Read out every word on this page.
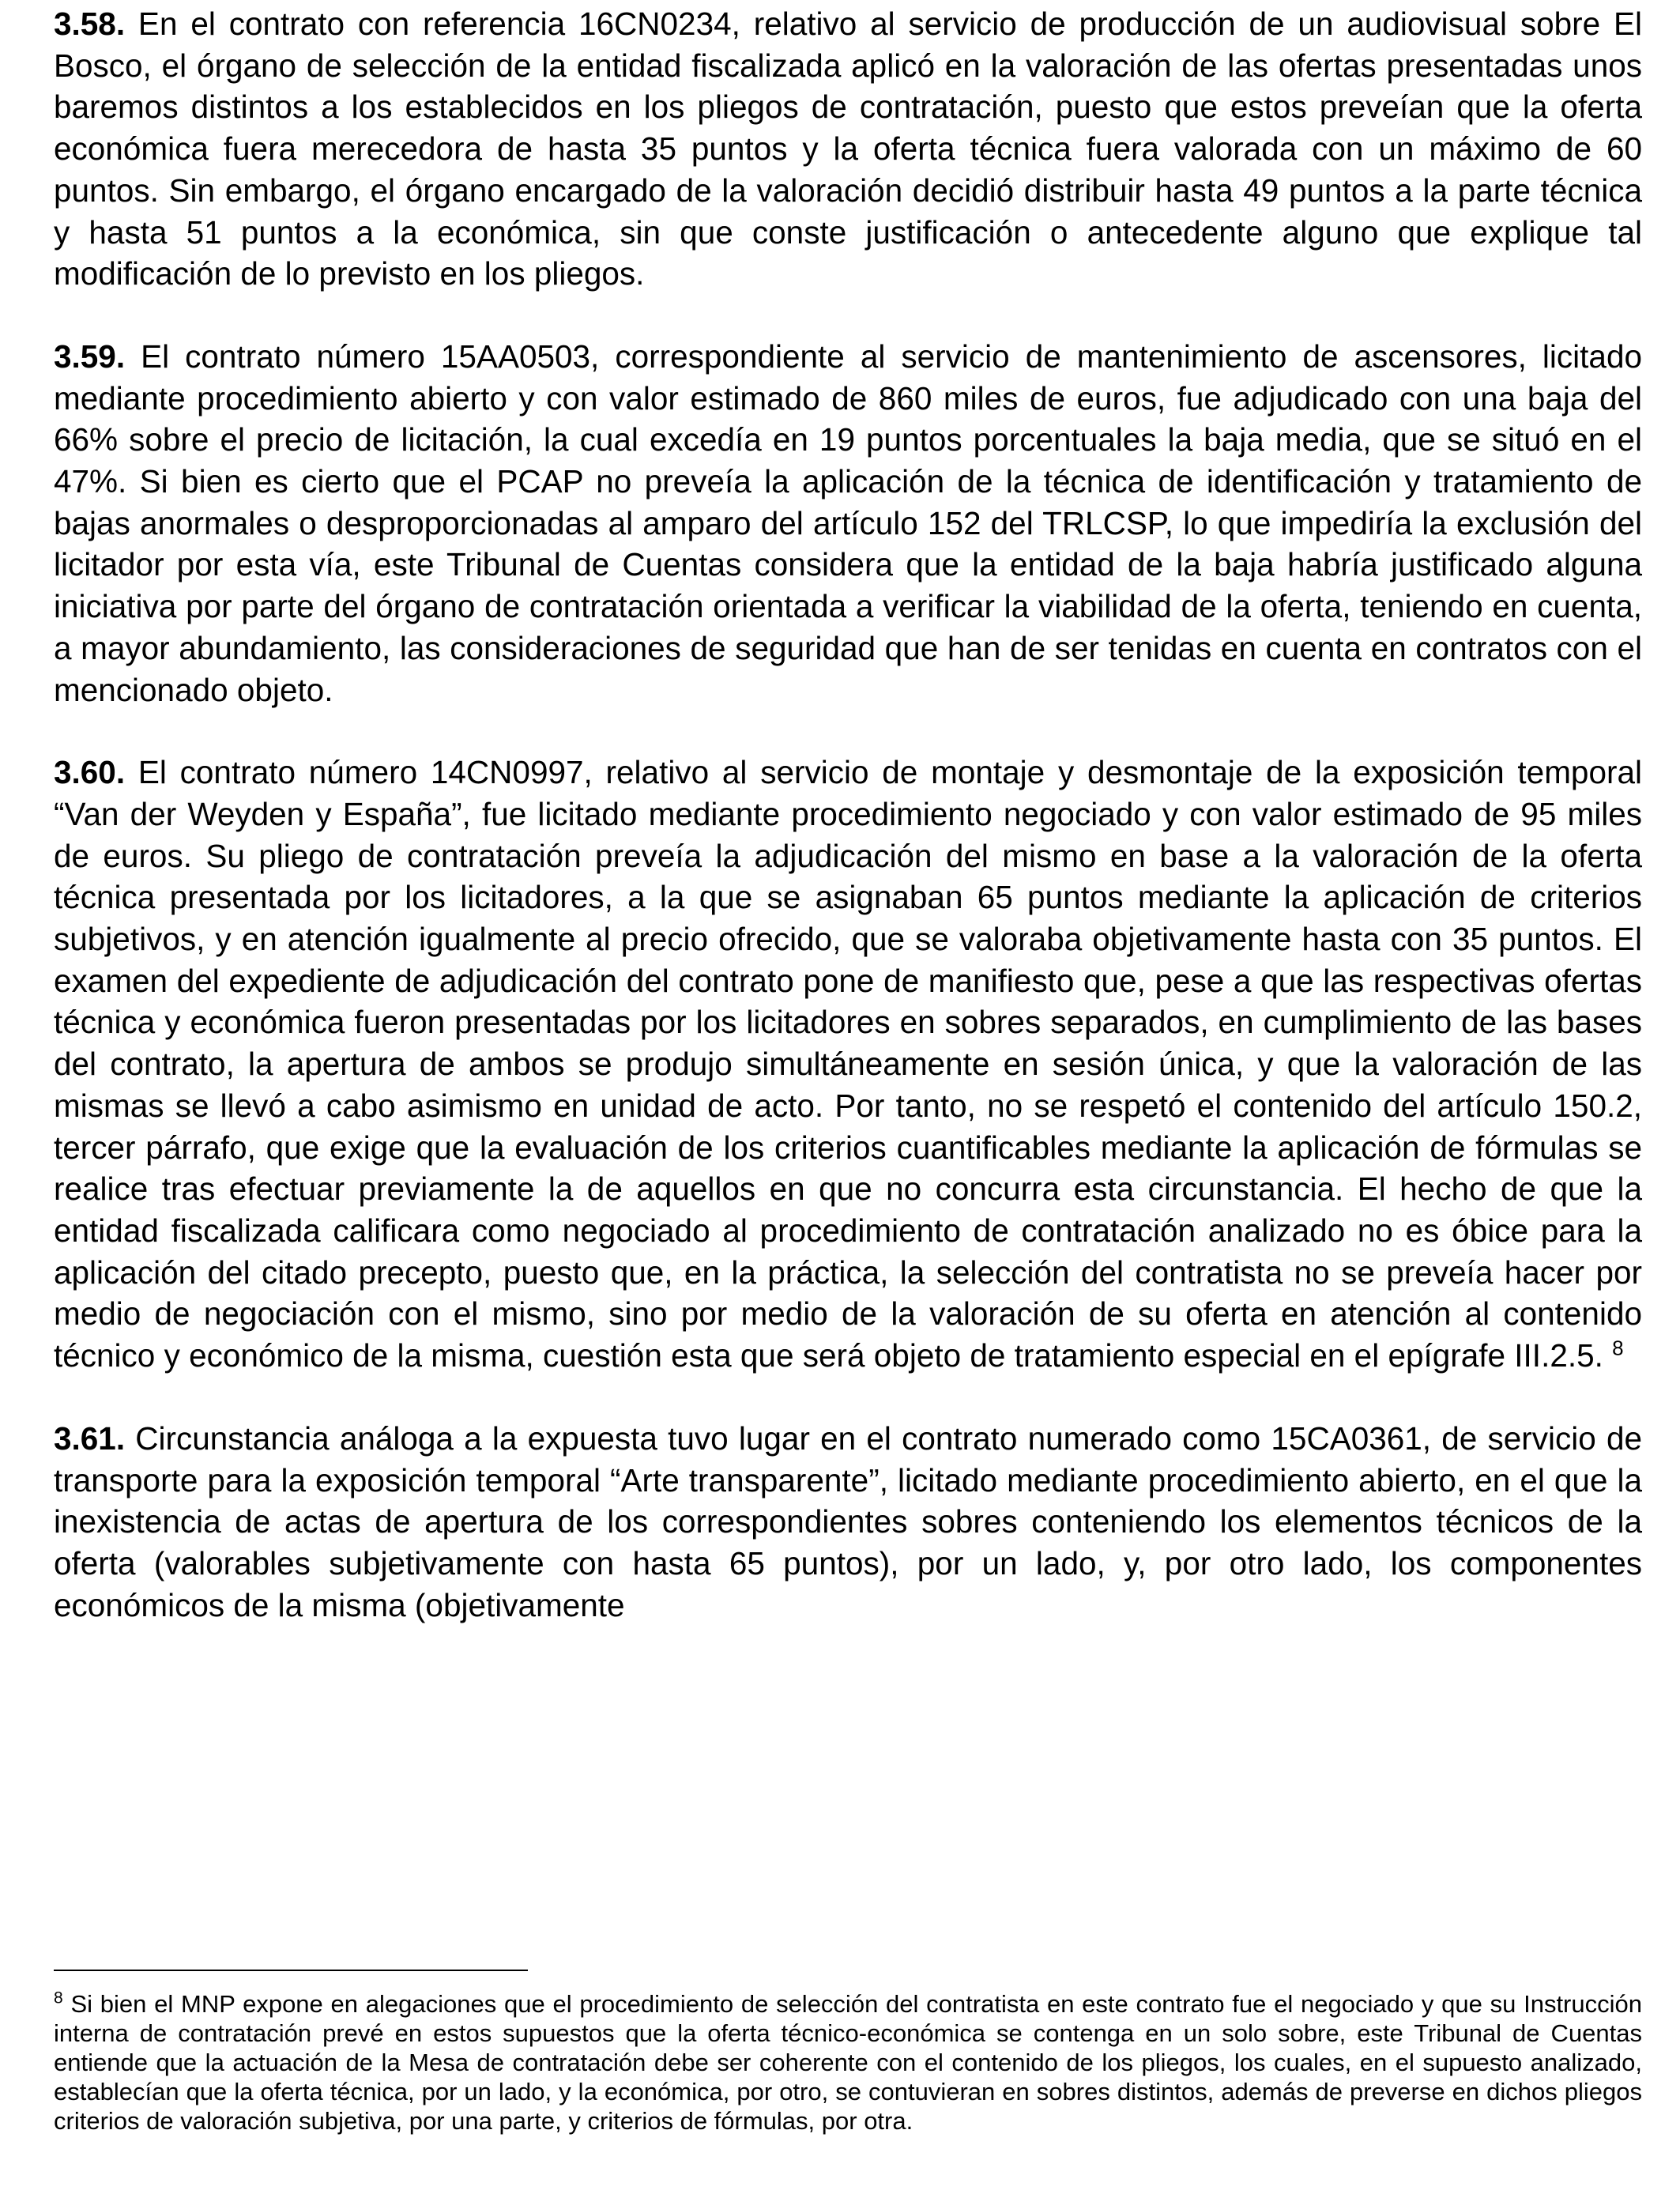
3.58. En el contrato con referencia 16CN0234, relativo al servicio de producción de un audiovisual sobre El Bosco, el órgano de selección de la entidad fiscalizada aplicó en la valoración de las ofertas presentadas unos baremos distintos a los establecidos en los pliegos de contratación, puesto que estos preveían que la oferta económica fuera merecedora de hasta 35 puntos y la oferta técnica fuera valorada con un máximo de 60 puntos. Sin embargo, el órgano encargado de la valoración decidió distribuir hasta 49 puntos a la parte técnica y hasta 51 puntos a la económica, sin que conste justificación o antecedente alguno que explique tal modificación de lo previsto en los pliegos.

3.59. El contrato número 15AA0503, correspondiente al servicio de mantenimiento de ascensores, licitado mediante procedimiento abierto y con valor estimado de 860 miles de euros, fue adjudicado con una baja del 66% sobre el precio de licitación, la cual excedía en 19 puntos porcentuales la baja media, que se situó en el 47%. Si bien es cierto que el PCAP no preveía la aplicación de la técnica de identificación y tratamiento de bajas anormales o desproporcionadas al amparo del artículo 152 del TRLCSP, lo que impediría la exclusión del licitador por esta vía, este Tribunal de Cuentas considera que la entidad de la baja habría justificado alguna iniciativa por parte del órgano de contratación orientada a verificar la viabilidad de la oferta, teniendo en cuenta, a mayor abundamiento, las consideraciones de seguridad que han de ser tenidas en cuenta en contratos con el mencionado objeto.

3.60. El contrato número 14CN0997, relativo al servicio de montaje y desmontaje de la exposición temporal “Van der Weyden y España”, fue licitado mediante procedimiento negociado y con valor estimado de 95 miles de euros. Su pliego de contratación preveía la adjudicación del mismo en base a la valoración de la oferta técnica presentada por los licitadores, a la que se asignaban 65 puntos mediante la aplicación de criterios subjetivos, y en atención igualmente al precio ofrecido, que se valoraba objetivamente hasta con 35 puntos. El examen del expediente de adjudicación del contrato pone de manifiesto que, pese a que las respectivas ofertas técnica y económica fueron presentadas por los licitadores en sobres separados, en cumplimiento de las bases del contrato, la apertura de ambos se produjo simultáneamente en sesión única, y que la valoración de las mismas se llevó a cabo asimismo en unidad de acto. Por tanto, no se respetó el contenido del artículo 150.2, tercer párrafo, que exige que la evaluación de los criterios cuantificables mediante la aplicación de fórmulas se realice tras efectuar previamente la de aquellos en que no concurra esta circunstancia. El hecho de que la entidad fiscalizada calificara como negociado al procedimiento de contratación analizado no es óbice para la aplicación del citado precepto, puesto que, en la práctica, la selección del contratista no se preveía hacer por medio de negociación con el mismo, sino por medio de la valoración de su oferta en atención al contenido técnico y económico de la misma, cuestión esta que será objeto de tratamiento especial en el epígrafe III.2.5. $^8$

3.61. Circunstancia análoga a la expuesta tuvo lugar en el contrato numerado como 15CA0361, de servicio de transporte para la exposición temporal “Arte transparente”, licitado mediante procedimiento abierto, en el que la inexistencia de actas de apertura de los correspondientes sobres conteniendo los elementos técnicos de la oferta (valorables subjetivamente con hasta 65 puntos), por un lado, y, por otro lado, los componentes económicos de la misma (objetivamente

$^8$ Si bien el MNP expone en alegaciones que el procedimiento de selección del contratista en este contrato fue el negociado y que su Instrucción interna de contratación prevé en estos supuestos que la oferta técnico-económica se contenga en un solo sobre, este Tribunal de Cuentas entiende que la actuación de la Mesa de contratación debe ser coherente con el contenido de los pliegos, los cuales, en el supuesto analizado, establecían que la oferta técnica, por un lado, y la económica, por otro, se contuvieran en sobres distintos, además de preverse en dichos pliegos criterios de valoración subjetiva, por una parte, y criterios de fórmulas, por otra.
